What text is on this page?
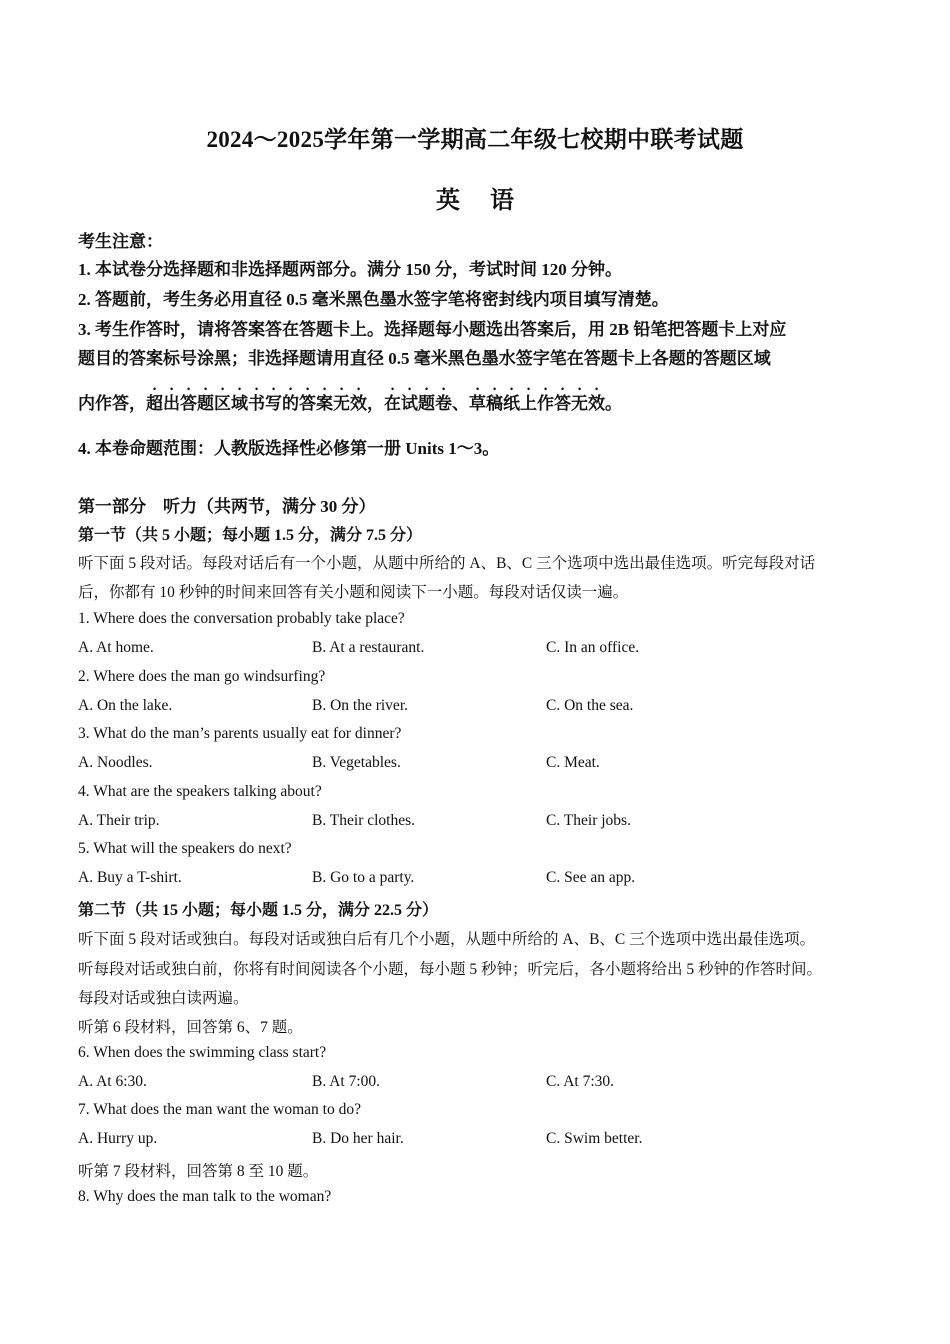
2024～2025学年第一学期高二年级七校期中联考试题
英语
考生注意：
1. 本试卷分选择题和非选择题两部分。满分 150 分，考试时间 120 分钟。
2. 答题前，考生务必用直径 0.5 毫米黑色墨水签字笔将密封线内项目填写清楚。
3. 考生作答时，请将答案答在答题卡上。选择题每小题选出答案后，用 2B 铅笔把答题卡上对应
题目的答案标号涂黑；非选择题请用直径 0.5 毫米黑色墨水签字笔在答题卡上各题的答题区域
内作答，超出答题区域书写的答案无效，在试题卷、草稿纸上作答无效。
4. 本卷命题范围：人教版选择性必修第一册 Units 1～3。
第一部分　听力（共两节，满分 30 分）
第一节（共 5 小题；每小题 1.5 分，满分 7.5 分）
听下面 5 段对话。每段对话后有一个小题，从题中所给的 A、B、C 三个选项中选出最佳选项。听完每段对话
后，你都有 10 秒钟的时间来回答有关小题和阅读下一小题。每段对话仅读一遍。
1. Where does the conversation probably take place?
A. At home.	B. At a restaurant.	C. In an office.
2. Where does the man go windsurfing?
A. On the lake.	B. On the river.	C. On the sea.
3. What do the man’s parents usually eat for dinner?
A. Noodles.	B. Vegetables.	C. Meat.
4. What are the speakers talking about?
A. Their trip.	B. Their clothes.	C. Their jobs.
5. What will the speakers do next?
A. Buy a T-shirt.	B. Go to a party.	C. See an app.
第二节（共 15 小题；每小题 1.5 分，满分 22.5 分）
听下面 5 段对话或独白。每段对话或独白后有几个小题，从题中所给的 A、B、C 三个选项中选出最佳选项。
听每段对话或独白前，你将有时间阅读各个小题，每小题 5 秒钟；听完后，各小题将给出 5 秒钟的作答时间。
每段对话或独白读两遍。
听第 6 段材料，回答第 6、7 题。
6. When does the swimming class start?
A. At 6:30.	B. At 7:00.	C. At 7:30.
7. What does the man want the woman to do?
A. Hurry up.	B. Do her hair.	C. Swim better.
听第 7 段材料，回答第 8 至 10 题。
8. Why does the man talk to the woman?
